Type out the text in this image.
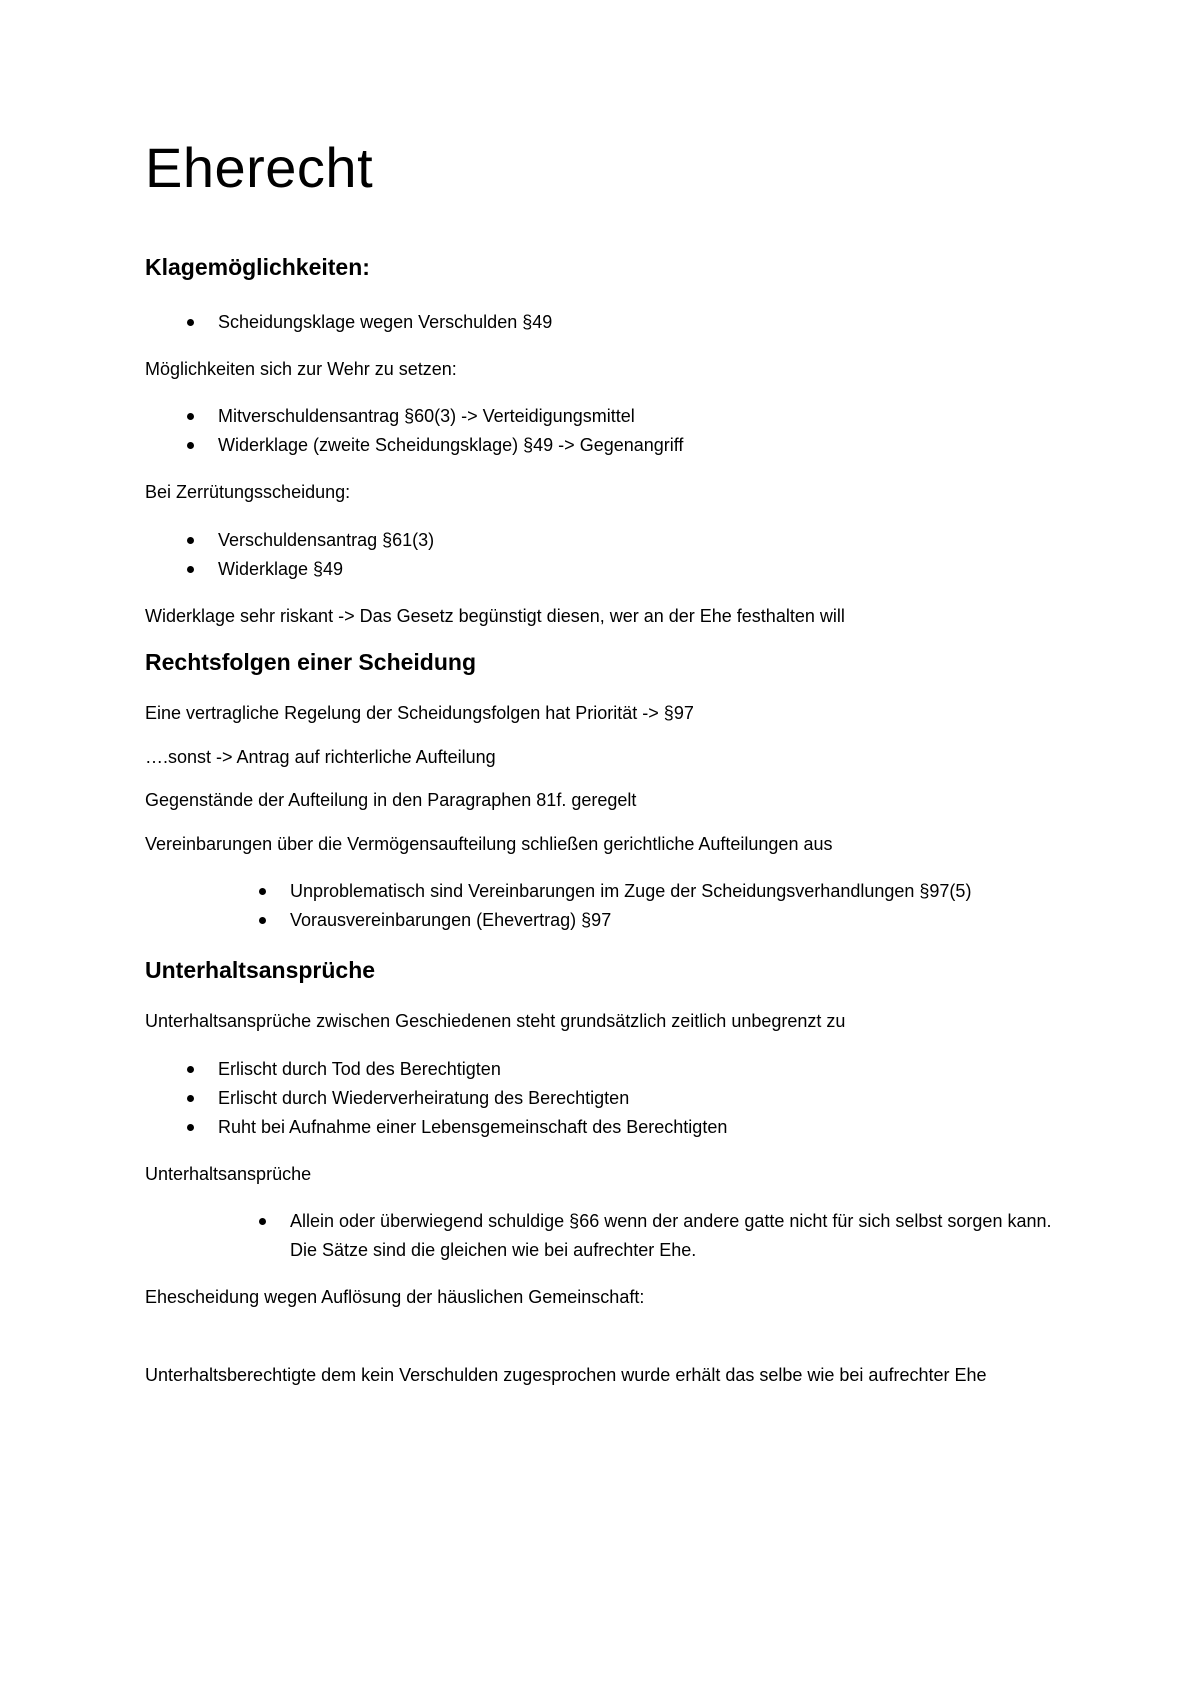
Eherecht
Klagemöglichkeiten:
Scheidungsklage wegen Verschulden §49
Möglichkeiten sich zur Wehr zu setzen:
Mitverschuldensantrag §60(3) -> Verteidigungsmittel
Widerklage (zweite Scheidungsklage) §49 -> Gegenangriff
Bei Zerrütungsscheidung:
Verschuldensantrag §61(3)
Widerklage §49
Widerklage sehr riskant -> Das Gesetz begünstigt diesen, wer an der Ehe festhalten will
Rechtsfolgen einer Scheidung
Eine vertragliche Regelung der Scheidungsfolgen hat Priorität -> §97
….sonst -> Antrag auf richterliche Aufteilung
Gegenstände der Aufteilung in den Paragraphen 81f. geregelt
Vereinbarungen über die Vermögensaufteilung schließen gerichtliche Aufteilungen aus
Unproblematisch sind Vereinbarungen im Zuge der Scheidungsverhandlungen §97(5)
Vorausvereinbarungen (Ehevertrag) §97
Unterhaltsansprüche
Unterhaltsansprüche zwischen Geschiedenen steht grundsätzlich zeitlich unbegrenzt zu
Erlischt durch Tod des Berechtigten
Erlischt durch Wiederverheiratung des Berechtigten
Ruht bei Aufnahme einer Lebensgemeinschaft des Berechtigten
Unterhaltsansprüche
Allein oder überwiegend schuldige §66 wenn der andere gatte nicht für sich selbst sorgen kann. Die Sätze sind die gleichen wie bei aufrechter Ehe.
Ehescheidung wegen Auflösung der häuslichen Gemeinschaft:
Unterhaltsberechtigte dem kein Verschulden zugesprochen wurde erhält das selbe wie bei aufrechter Ehe
